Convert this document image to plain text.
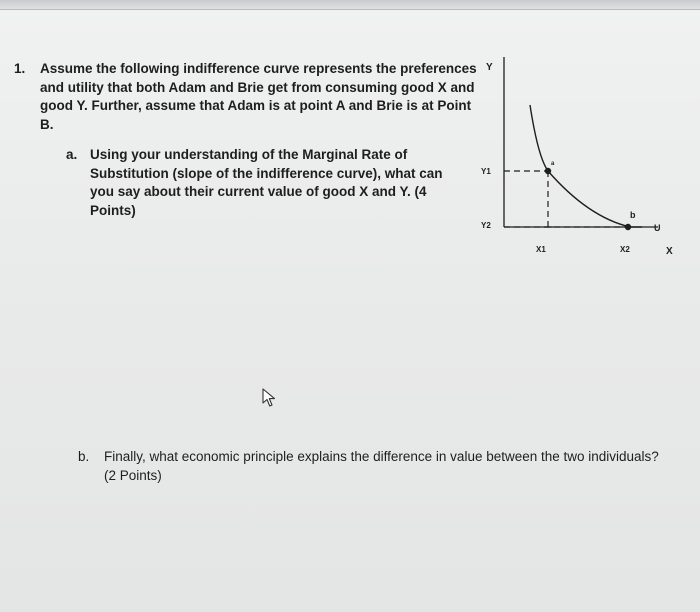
1. Assume the following indifference curve represents the preferences and utility that both Adam and Brie get from consuming good X and good Y. Further, assume that Adam is at point A and Brie is at Point B.

a. Using your understanding of the Marginal Rate of Substitution (slope of the indifference curve), what can you say about their current value of good X and Y. (4 Points)

Y
Y1
Y2
X1	X2	X
a
b
U

b. Finally, what economic principle explains the difference in value between the two individuals? (2 Points)
